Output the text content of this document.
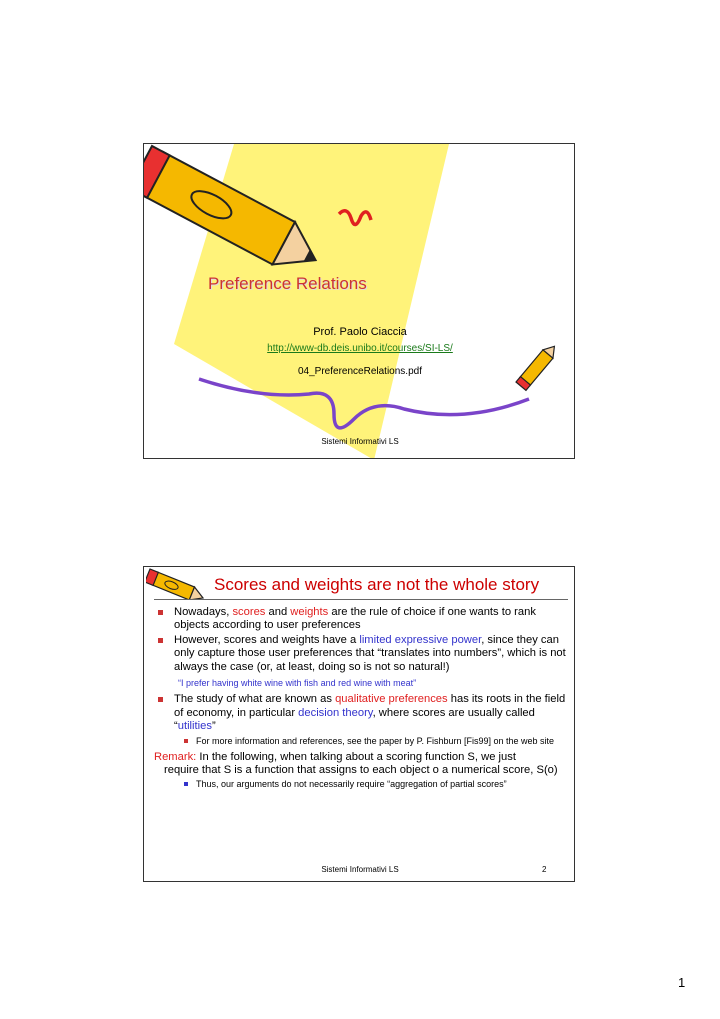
Preference Relations
Prof. Paolo Ciaccia
http://www-db.deis.unibo.it/courses/SI-LS/
04_PreferenceRelations.pdf
Sistemi Informativi LS
Scores and weights are not the whole story

Nowadays, scores and weights are the rule of choice if one wants to rank objects according to user preferences

However, scores and weights have a limited expressive power, since they can only capture those user preferences that “translates into numbers”, which is not always the case (or, at least, doing so is not so natural!)

“I prefer having white wine with fish and red wine with meat”

The study of what are known as qualitative preferences has its roots in the field of economy, in particular decision theory, where scores are usually called “utilities”

For more information and references, see the paper by P. Fishburn [Fis99] on the web site

Remark: In the following, when talking about a scoring function S, we just

require that S is a function that assigns to each object o a numerical score, S(o)

Thus, our arguments do not necessarily require “aggregation of partial scores”

Sistemi Informativi LS	2
1
